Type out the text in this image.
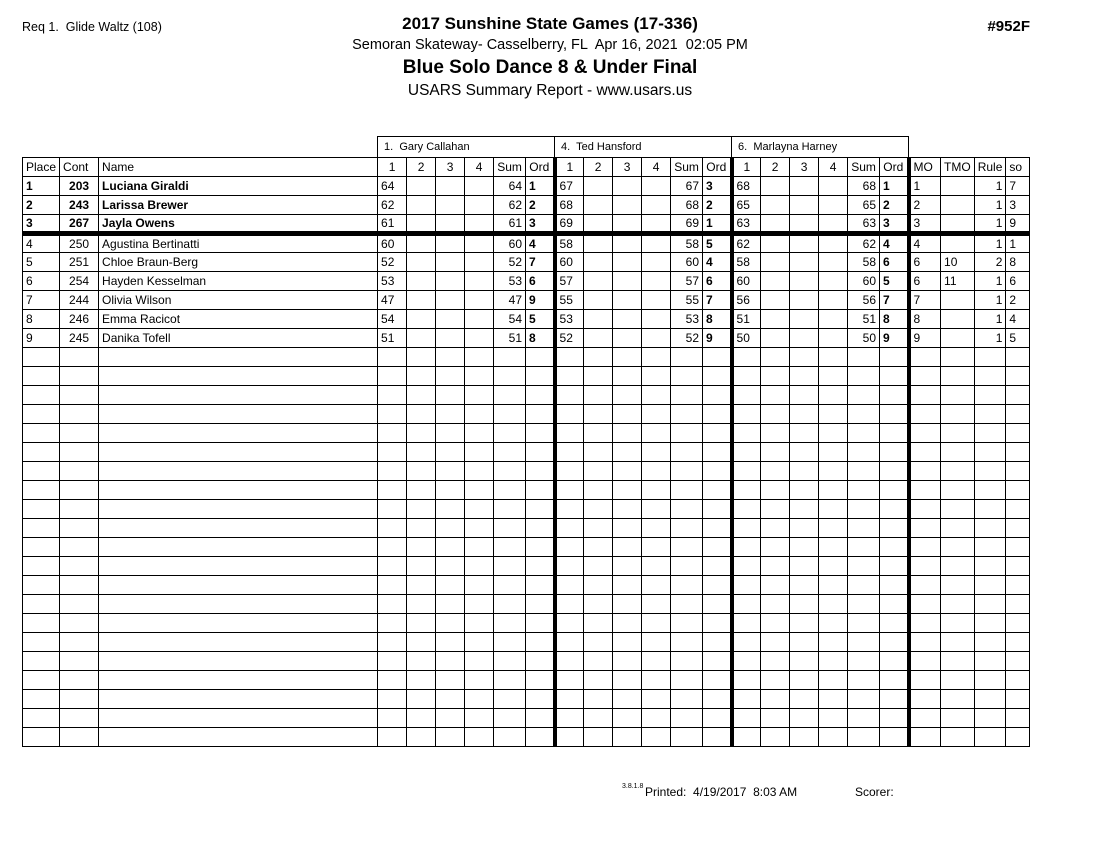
Req 1.  Glide Waltz (108)	#952F
2017 Sunshine State Games (17-336)
Semoran Skateway- Casselberry, FL  Apr 16, 2021  02:05 PM
Blue Solo Dance 8 & Under Final
USARS Summary Report - www.usars.us
			1.  Gary Callahan						4.  Ted Hansford						6.  Marlayna Harney									
Place	Cont	Name	1	2	3	4	Sum	Ord	1	2	3	4	Sum	Ord	1	2	3	4	Sum	Ord	MO	TMO	Rule	so
1	203	Luciana Giraldi	64				64	1	67				67	3	68				68	1	1		1	7
2	243	Larissa Brewer	62				62	2	68				68	2	65				65	2	2		1	3
3	267	Jayla Owens	61				61	3	69				69	1	63				63	3	3		1	9
4	250	Agustina Bertinatti	60				60	4	58				58	5	62				62	4	4		1	1
5	251	Chloe Braun-Berg	52				52	7	60				60	4	58				58	6	6	10	2	8
6	254	Hayden Kesselman	53				53	6	57				57	6	60				60	5	6	11	1	6
7	244	Olivia Wilson	47				47	9	55				55	7	56				56	7	7		1	2
8	246	Emma Racicot	54				54	5	53				53	8	51				51	8	8		1	4
9	245	Danika Tofell	51				51	8	52				52	9	50				50	9	9		1	5

3.8.1.8 Printed:  4/19/2017  8:03 AM	Scorer:
